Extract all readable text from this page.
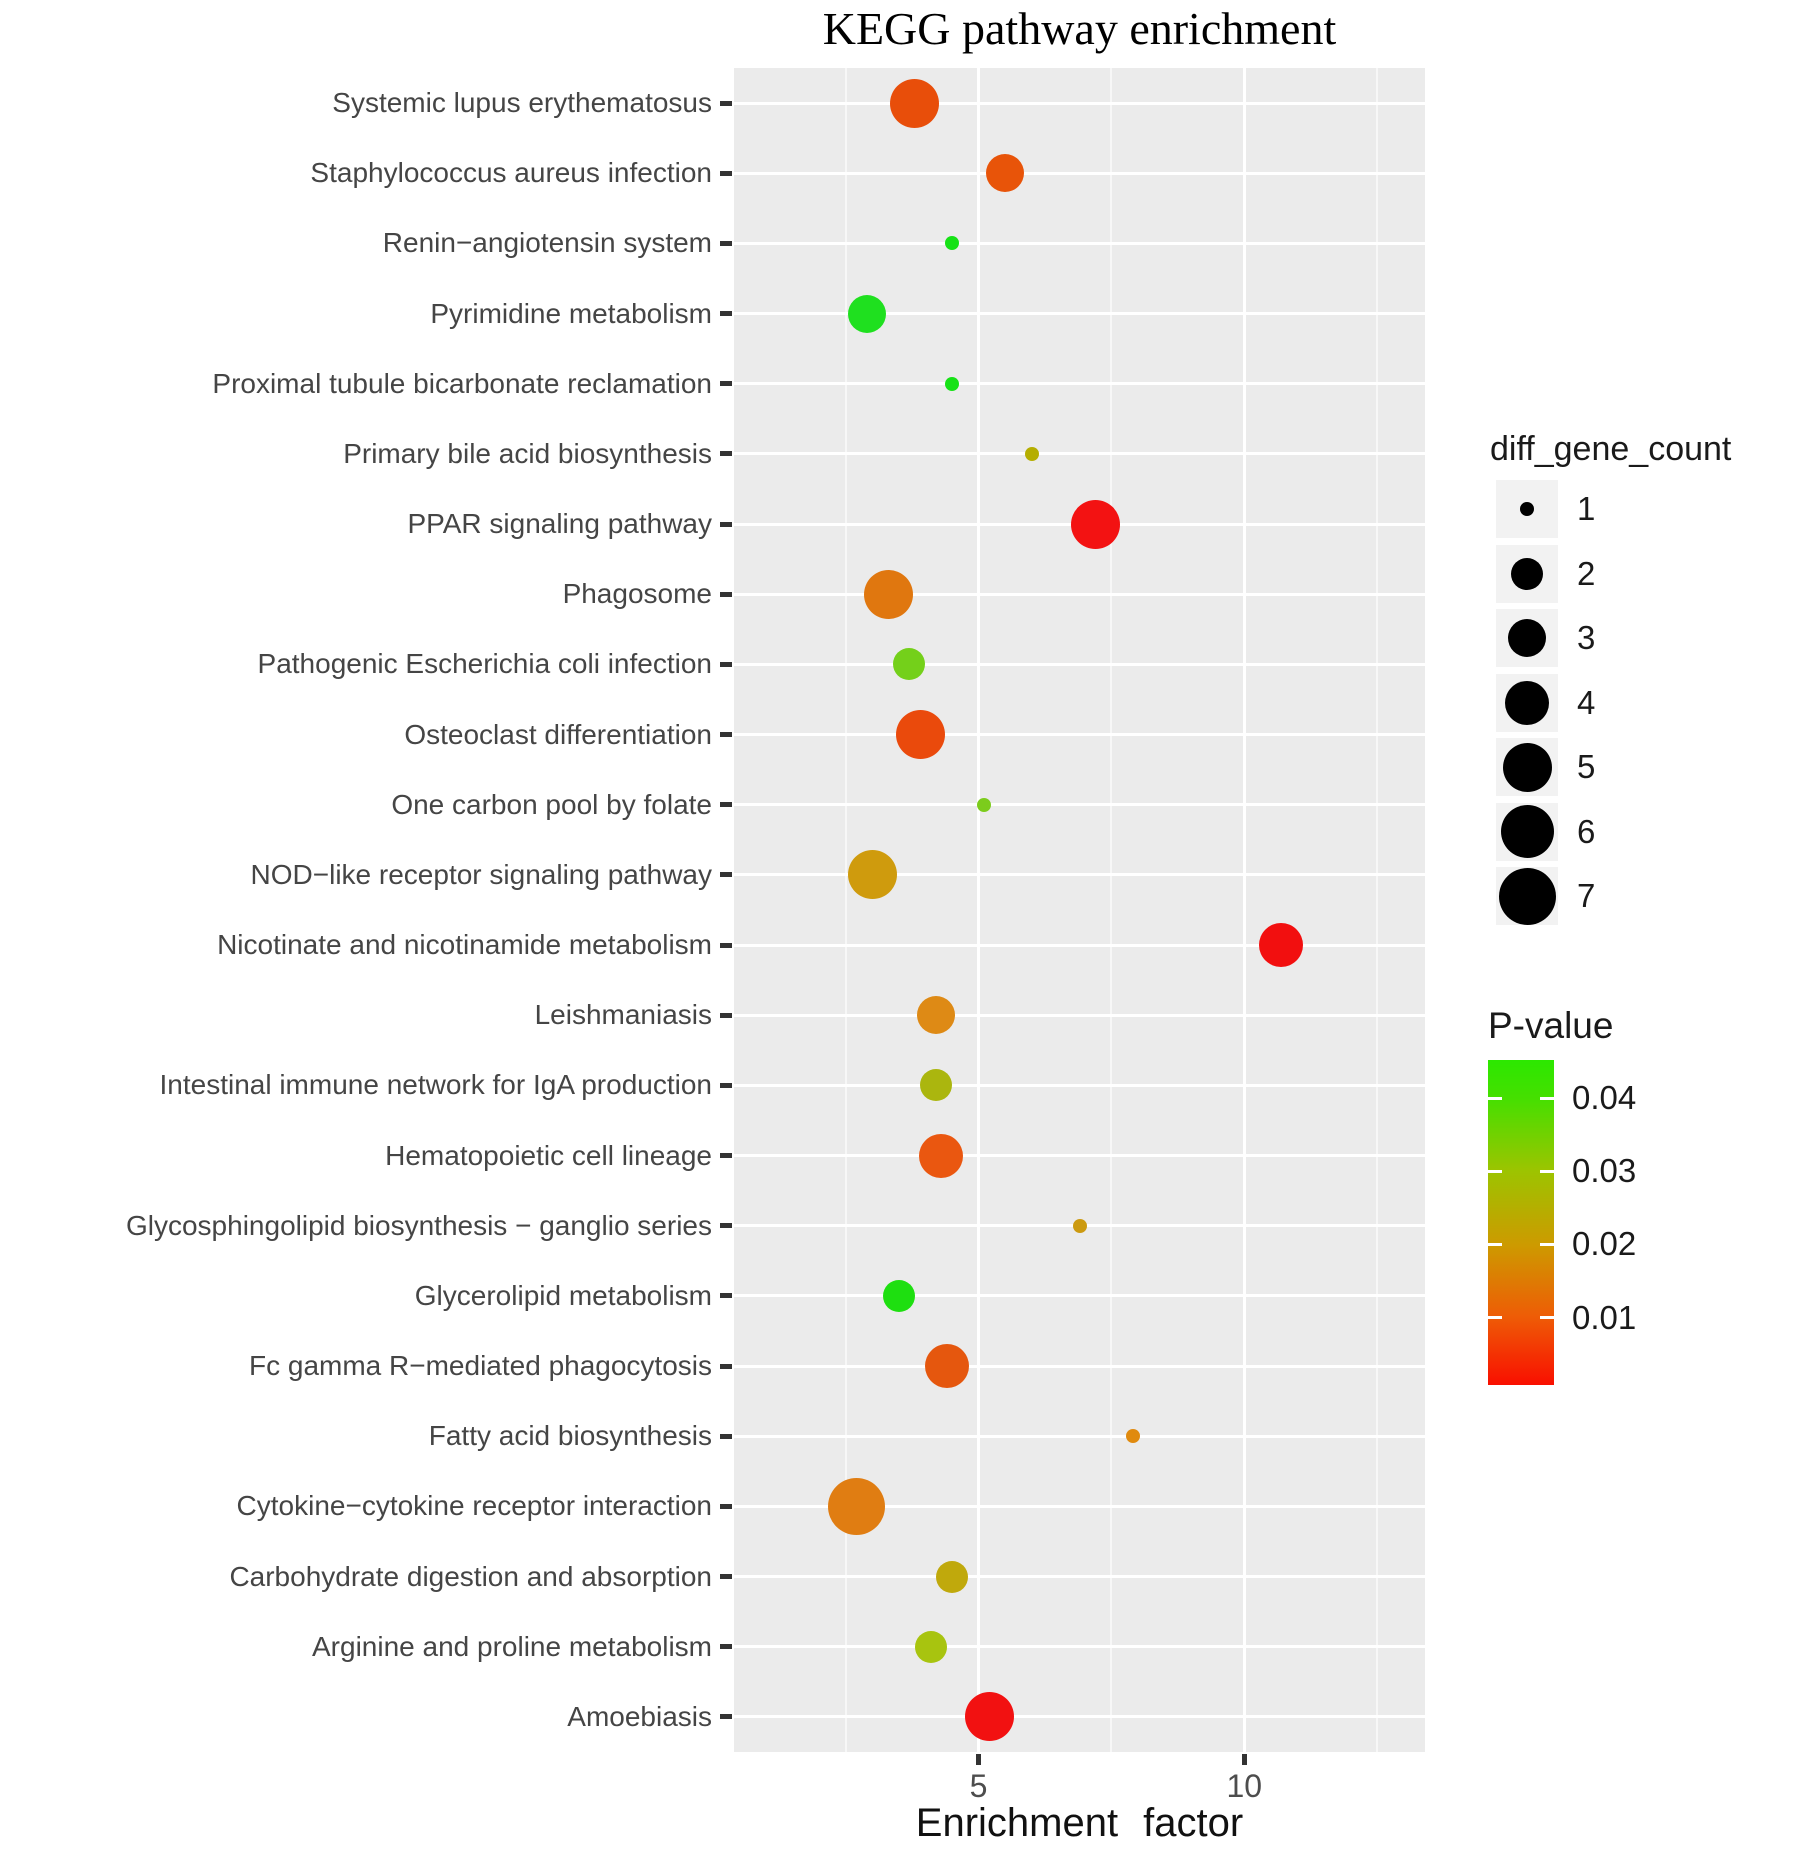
KEGG pathway enrichment
Systemic lupus erythematosus
Staphylococcus aureus infection
Renin−angiotensin system
Pyrimidine metabolism
Proximal tubule bicarbonate reclamation
Primary bile acid biosynthesis
PPAR signaling pathway
Phagosome
Pathogenic Escherichia coli infection
Osteoclast differentiation
One carbon pool by folate
NOD−like receptor signaling pathway
Nicotinate and nicotinamide metabolism
Leishmaniasis
Intestinal immune network for IgA production
Hematopoietic cell lineage
Glycosphingolipid biosynthesis − ganglio series
Glycerolipid metabolism
Fc gamma R−mediated phagocytosis
Fatty acid biosynthesis
Cytokine−cytokine receptor interaction
Carbohydrate digestion and absorption
Arginine and proline metabolism
Amoebiasis
5	10
Enrichment factor
diff_gene_count
1
2
3
4
5
6
7
P-value
0.04
0.03
0.02
0.01
